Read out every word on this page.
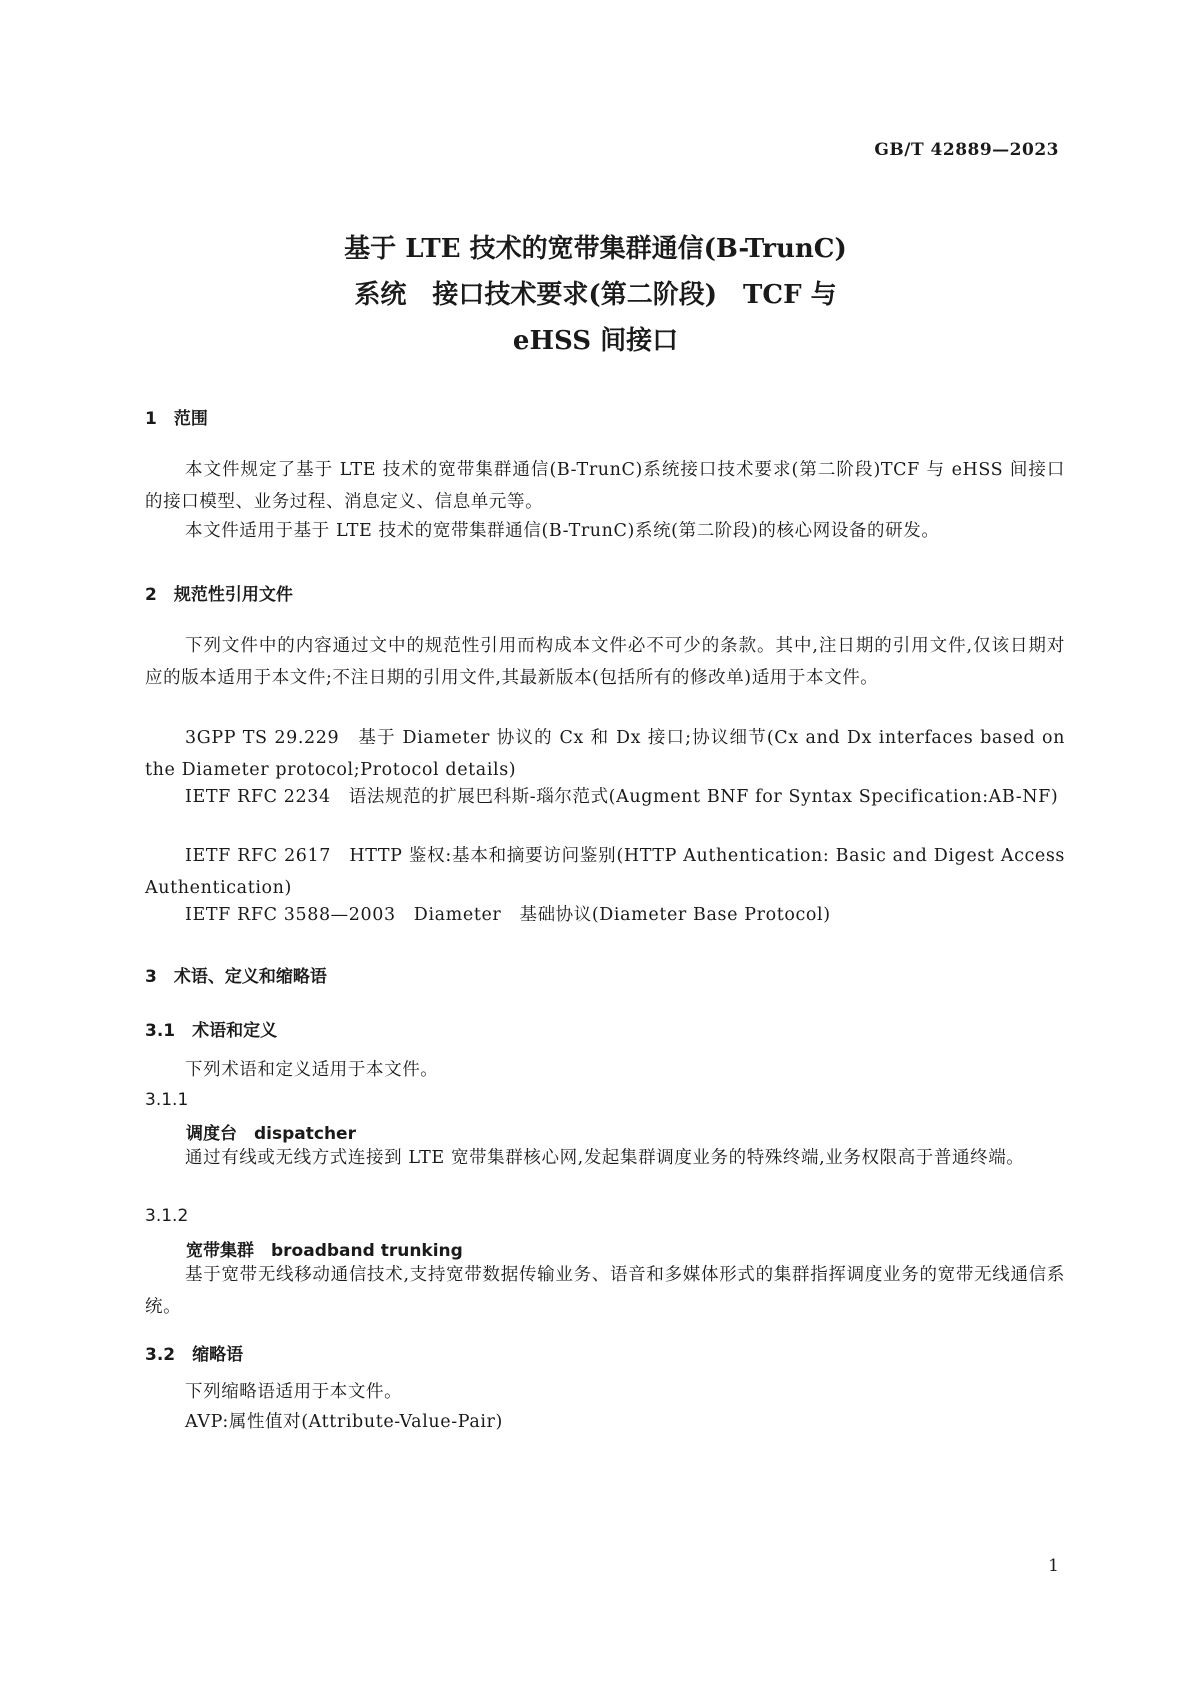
GB/T 42889—2023
基于 LTE 技术的宽带集群通信(B-TrunC)
系统　接口技术要求(第二阶段)　TCF 与
eHSS 间接口
1　范围
本文件规定了基于 LTE 技术的宽带集群通信(B-TrunC)系统接口技术要求(第二阶段)TCF 与 eHSS 间接口的接口模型、业务过程、消息定义、信息单元等。
本文件适用于基于 LTE 技术的宽带集群通信(B-TrunC)系统(第二阶段)的核心网设备的研发。
2　规范性引用文件
下列文件中的内容通过文中的规范性引用而构成本文件必不可少的条款。其中,注日期的引用文件,仅该日期对应的版本适用于本文件;不注日期的引用文件,其最新版本(包括所有的修改单)适用于本文件。
3GPP TS 29.229　基于 Diameter 协议的 Cx 和 Dx 接口;协议细节(Cx and Dx interfaces based on the Diameter protocol;Protocol details)
IETF RFC 2234　语法规范的扩展巴科斯-瑙尔范式(Augment BNF for Syntax Specification:AB-NF)
IETF RFC 2617　HTTP 鉴权:基本和摘要访问鉴别(HTTP Authentication: Basic and Digest Access Authentication)
IETF RFC 3588—2003　Diameter　基础协议(Diameter Base Protocol)
3　术语、定义和缩略语
3.1　术语和定义
下列术语和定义适用于本文件。
3.1.1
调度台　dispatcher
通过有线或无线方式连接到 LTE 宽带集群核心网,发起集群调度业务的特殊终端,业务权限高于普通终端。
3.1.2
宽带集群　broadband trunking
基于宽带无线移动通信技术,支持宽带数据传输业务、语音和多媒体形式的集群指挥调度业务的宽带无线通信系统。
3.2　缩略语
下列缩略语适用于本文件。
AVP:属性值对(Attribute-Value-Pair)
1
